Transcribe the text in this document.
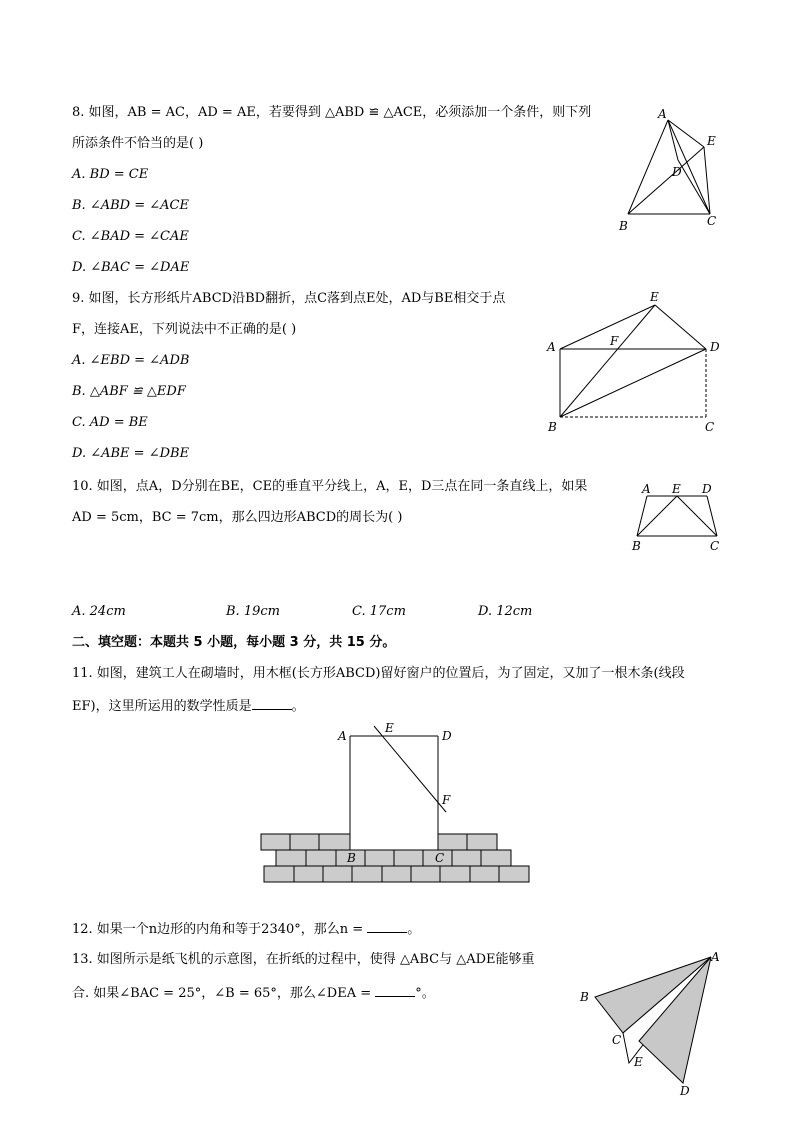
8. 如图，AB = AC，AD = AE，若要得到 △ABD ≌ △ACE，必须添加一个条件，则下列
所添条件不恰当的是( )
A. BD = CE
B. ∠ABD = ∠ACE
C. ∠BAD = ∠CAE
D. ∠BAC = ∠DAE
A
E
D
B	C
9. 如图，长方形纸片ABCD沿BD翻折，点C落到点E处，AD与BE相交于点
F，连接AE，下列说法中不正确的是( )
A. ∠EBD = ∠ADB
B. △ABF ≌ △EDF
C. AD = BE
D. ∠ABE = ∠DBE
E
A	F	D
B	C
10. 如图，点A，D分别在BE，CE的垂直平分线上，A，E，D三点在同一条直线上，如果
AD = 5cm，BC = 7cm，那么四边形ABCD的周长为( )
A E D
B	C
A. 24cm	B. 19cm	C. 17cm	D. 12cm
二、填空题：本题共 5 小题，每小题 3 分，共 15 分。
11. 如图，建筑工人在砌墙时，用木框(长方形ABCD)留好窗户的位置后，为了固定，又加了一根木条(线段
EF)，这里所运用的数学性质是	。
A
E
D
F
B	C
12. 如果一个n边形的内角和等于2340°，那么n =	。
13. 如图所示是纸飞机的示意图，在折纸的过程中，使得 △ABC与 △ADE能够重
合. 如果∠BAC = 25°，∠B = 65°，那么∠DEA =	°。
A
B
C
E
D
